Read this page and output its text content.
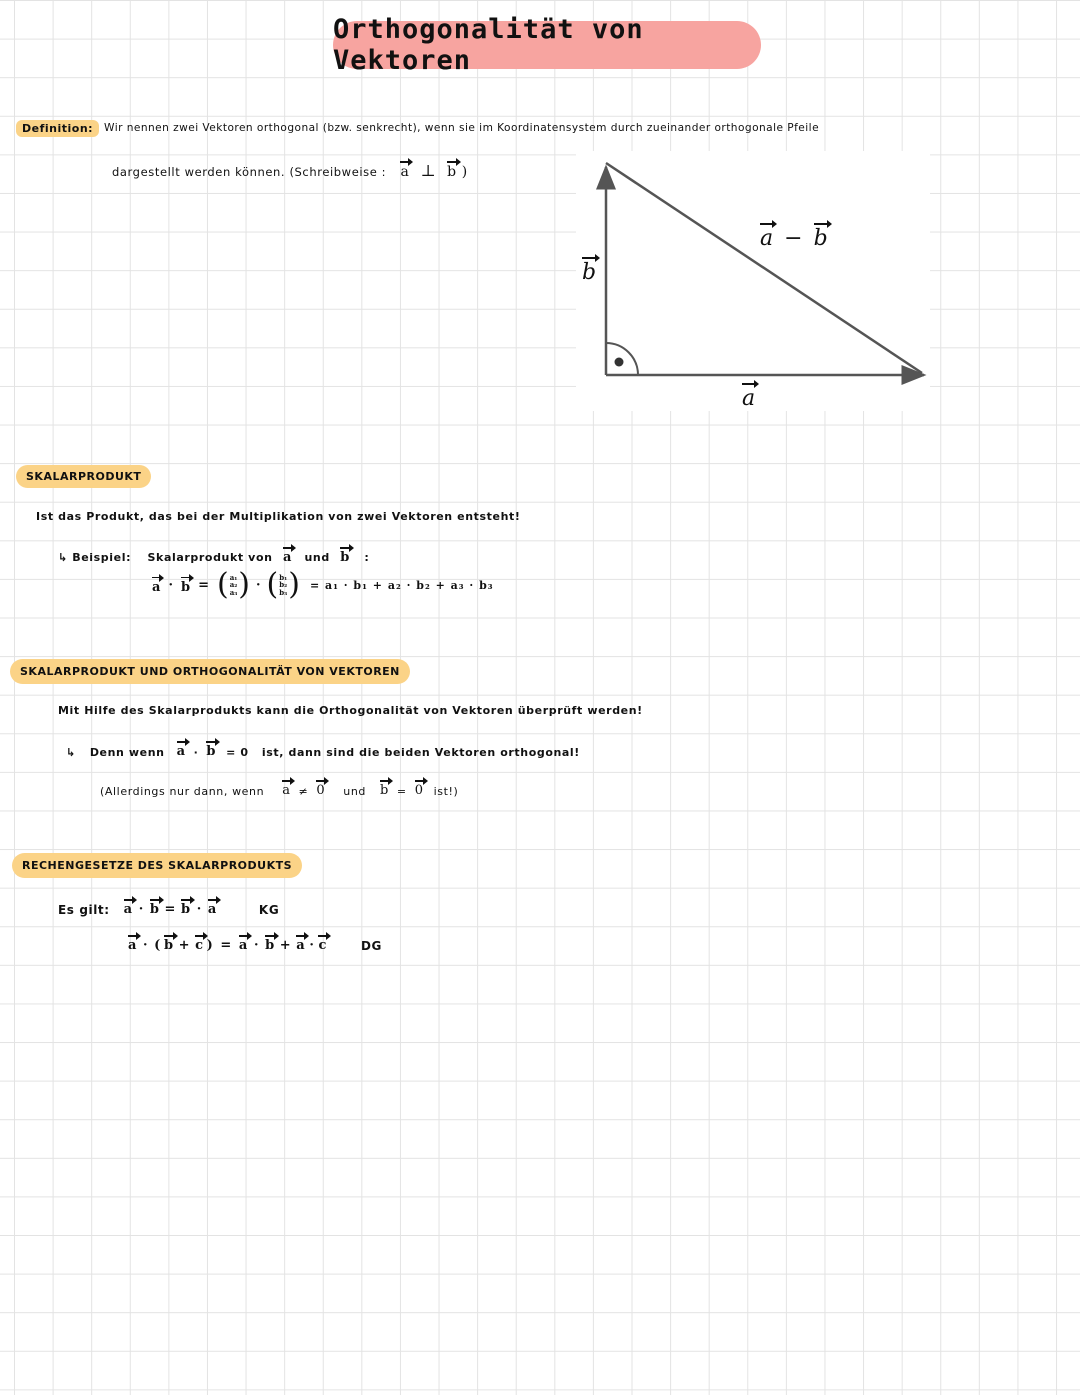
Orthogonalität von Vektoren
Definition:	Wir nennen zwei Vektoren orthogonal (bzw. senkrecht), wenn sie im Koordinatensystem durch zueinander orthogonale Pfeile
dargestellt werden können. (Schreibweise : a ⊥ b )
b
a − b
a
SKALARPRODUKT
Ist das Produkt, das bei der Multiplikation von zwei Vektoren entsteht!
↳ Beispiel: Skalarprodukt von a und b :
a · b = ( a₁
a₂
a₃ ) · ( b₁
b₂
b₃ ) = a₁ · b₁ + a₂ · b₂ + a₃ · b₃
SKALARPRODUKT UND ORTHOGONALITÄT VON VEKTOREN
Mit Hilfe des Skalarprodukts kann die Orthogonalität von Vektoren überprüft werden!
↳ Denn wenn a · b = 0   ist, dann sind die beiden Vektoren orthogonal!
(Allerdings nur dann, wenn a ≠ 0 und b = 0 ist!)
RECHENGESETZE DES SKALARPRODUKTS
Es gilt: a · b = b · a	KG
a · ( b + c ) = a · b + a · c	DG
